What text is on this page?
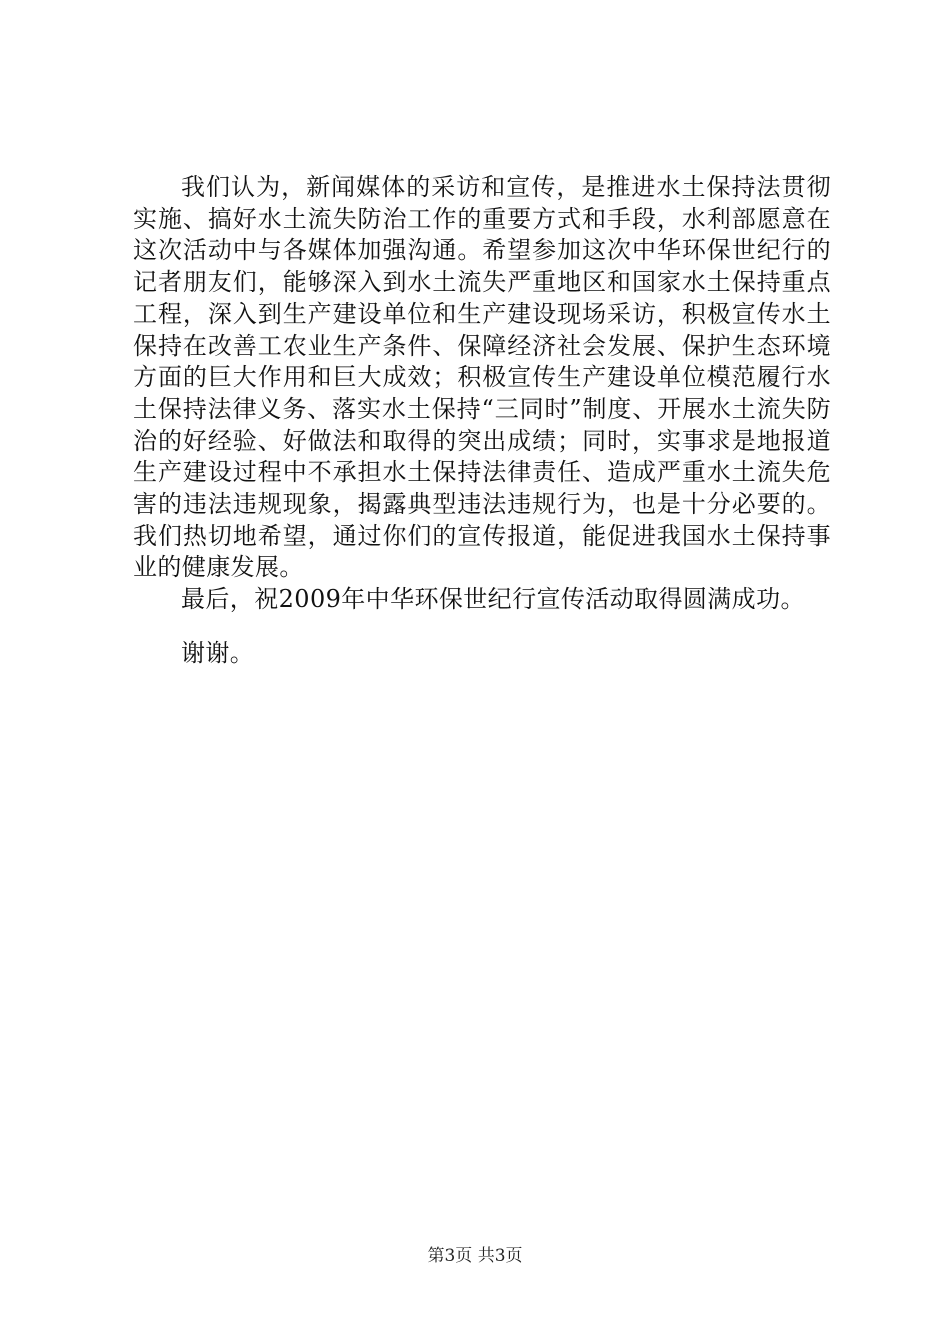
我们认为，新闻媒体的采访和宣传，是推进水土保持法贯彻实施、搞好水土流失防治工作的重要方式和手段，水利部愿意在这次活动中与各媒体加强沟通。希望参加这次中华环保世纪行的记者朋友们，能够深入到水土流失严重地区和国家水土保持重点工程，深入到生产建设单位和生产建设现场采访，积极宣传水土保持在改善工农业生产条件、保障经济社会发展、保护生态环境方面的巨大作用和巨大成效；积极宣传生产建设单位模范履行水土保持法律义务、落实水土保持“三同时”制度、开展水土流失防治的好经验、好做法和取得的突出成绩；同时，实事求是地报道生产建设过程中不承担水土保持法律责任、造成严重水土流失危害的违法违规现象，揭露典型违法违规行为，也是十分必要的。我们热切地希望，通过你们的宣传报道，能促进我国水土保持事业的健康发展。

最后，祝2009年中华环保世纪行宣传活动取得圆满成功。

谢谢。

第3页 共3页
